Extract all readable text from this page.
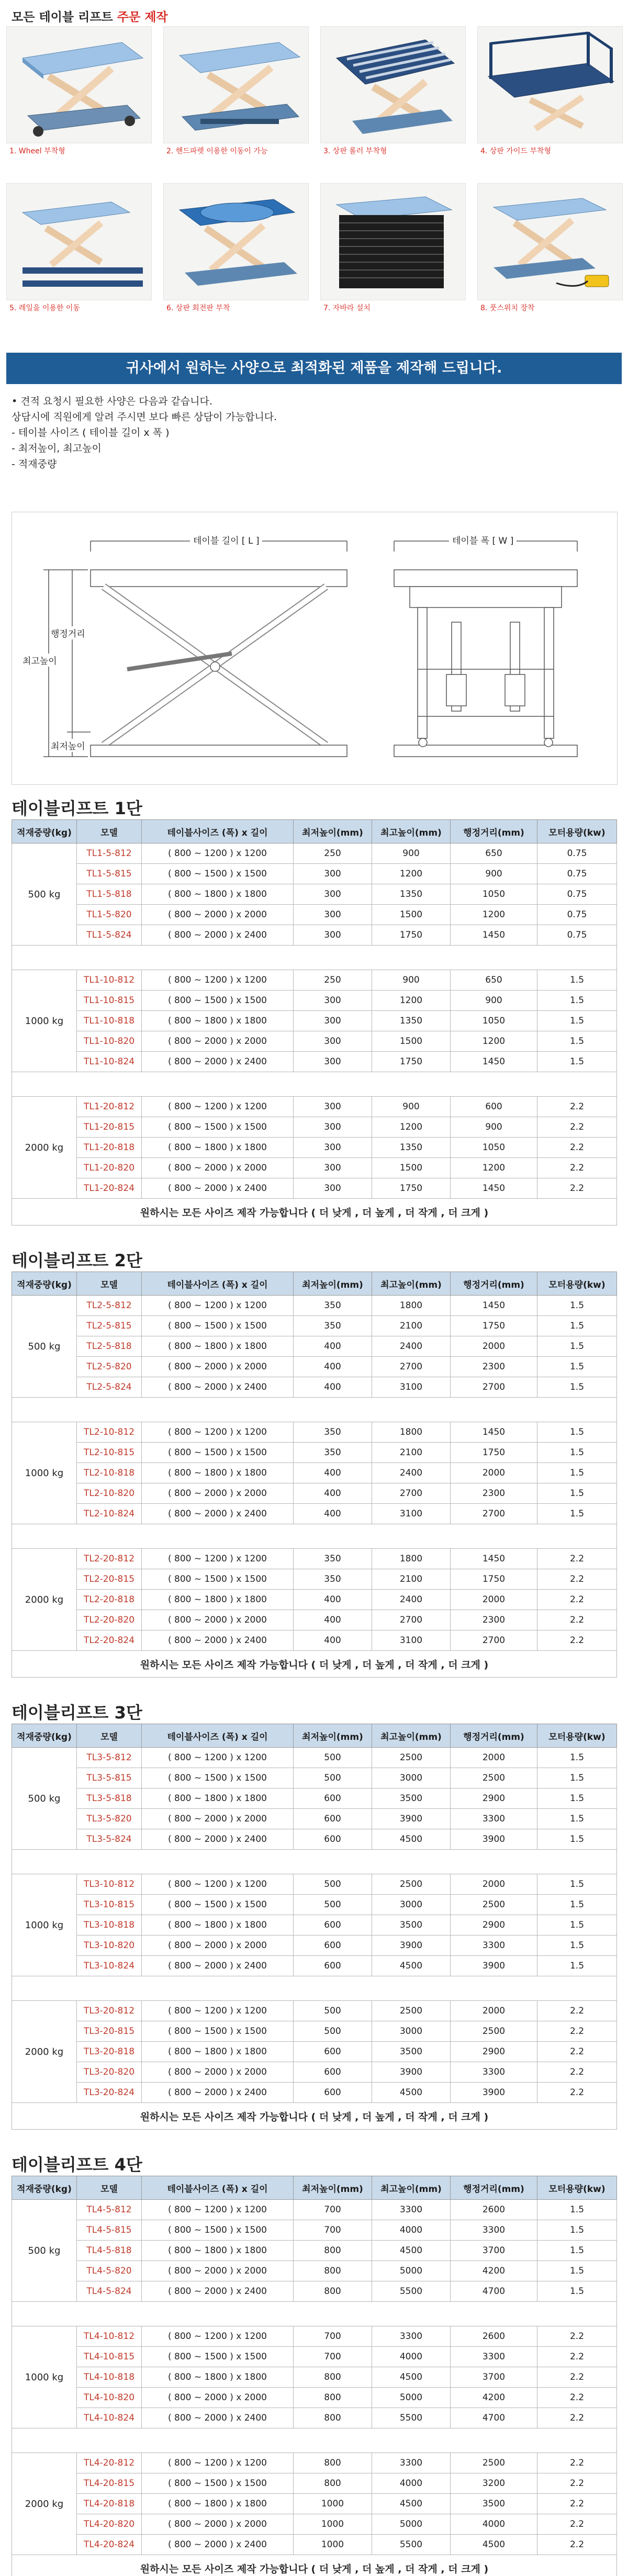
모든 테이블 리프트 주문 제작
1. Wheel 부착형	2. 핸드파렛 이용한 이동이 가능	3. 상판 롤러 부착형	4. 상판 가이드 부착형
5. 레일을 이용한 이동	6. 상판 회전판 부착	7. 자바라 설치	8. 풋스위치 장착
귀사에서 원하는 사양으로 최적화된 제품을 제작해 드립니다.
• 견적 요청시 필요한 사양은 다음과 같습니다.
상담시에 직원에게 알려 주시면 보다 빠른 상담이 가능합니다.
- 테이블 사이즈 ( 테이블 길이 x 폭 )
- 최저높이, 최고높이
- 적재중량
테이블 길이 [ L ]	테이블 폭 [ W ]
행정거리
최고높이
최저높이
테이블리프트 1단
테이블리프트 2단
테이블리프트 3단
테이블리프트 4단
적재중량(kg)	모델	테이블사이즈 (폭) x 길이	최저높이(mm)	최고높이(mm)	행정거리(mm)	모터용량(kw)
500 kg	TL1-5-812	( 800 ~ 1200 ) x 1200	250	900	650	0.75
	TL1-5-815	( 800 ~ 1500 ) x 1500	300	1200	900	0.75
	TL1-5-818	( 800 ~ 1800 ) x 1800	300	1350	1050	0.75
	TL1-5-820	( 800 ~ 2000 ) x 2000	300	1500	1200	0.75
	TL1-5-824	( 800 ~ 2000 ) x 2400	300	1750	1450	0.75

1000 kg	TL1-10-812	( 800 ~ 1200 ) x 1200	250	900	650	1.5
	TL1-10-815	( 800 ~ 1500 ) x 1500	300	1200	900	1.5
	TL1-10-818	( 800 ~ 1800 ) x 1800	300	1350	1050	1.5
	TL1-10-820	( 800 ~ 2000 ) x 2000	300	1500	1200	1.5
	TL1-10-824	( 800 ~ 2000 ) x 2400	300	1750	1450	1.5

2000 kg	TL1-20-812	( 800 ~ 1200 ) x 1200	300	900	600	2.2
	TL1-20-815	( 800 ~ 1500 ) x 1500	300	1200	900	2.2
	TL1-20-818	( 800 ~ 1800 ) x 1800	300	1350	1050	2.2
	TL1-20-820	( 800 ~ 2000 ) x 2000	300	1500	1200	2.2
	TL1-20-824	( 800 ~ 2000 ) x 2400	300	1750	1450	2.2
원하시는 모든 사이즈 제작 가능합니다 ( 더 낮게 , 더 높게 , 더 작게 , 더 크게 )						
적재중량(kg)	모델	테이블사이즈 (폭) x 길이	최저높이(mm)	최고높이(mm)	행정거리(mm)	모터용량(kw)
500 kg	TL2-5-812	( 800 ~ 1200 ) x 1200	350	1800	1450	1.5
	TL2-5-815	( 800 ~ 1500 ) x 1500	350	2100	1750	1.5
	TL2-5-818	( 800 ~ 1800 ) x 1800	400	2400	2000	1.5
	TL2-5-820	( 800 ~ 2000 ) x 2000	400	2700	2300	1.5
	TL2-5-824	( 800 ~ 2000 ) x 2400	400	3100	2700	1.5

1000 kg	TL2-10-812	( 800 ~ 1200 ) x 1200	350	1800	1450	1.5
	TL2-10-815	( 800 ~ 1500 ) x 1500	350	2100	1750	1.5
	TL2-10-818	( 800 ~ 1800 ) x 1800	400	2400	2000	1.5
	TL2-10-820	( 800 ~ 2000 ) x 2000	400	2700	2300	1.5
	TL2-10-824	( 800 ~ 2000 ) x 2400	400	3100	2700	1.5

2000 kg	TL2-20-812	( 800 ~ 1200 ) x 1200	350	1800	1450	2.2
	TL2-20-815	( 800 ~ 1500 ) x 1500	350	2100	1750	2.2
	TL2-20-818	( 800 ~ 1800 ) x 1800	400	2400	2000	2.2
	TL2-20-820	( 800 ~ 2000 ) x 2000	400	2700	2300	2.2
	TL2-20-824	( 800 ~ 2000 ) x 2400	400	3100	2700	2.2
원하시는 모든 사이즈 제작 가능합니다 ( 더 낮게 , 더 높게 , 더 작게 , 더 크게 )						
적재중량(kg)	모델	테이블사이즈 (폭) x 길이	최저높이(mm)	최고높이(mm)	행정거리(mm)	모터용량(kw)
500 kg	TL3-5-812	( 800 ~ 1200 ) x 1200	500	2500	2000	1.5
	TL3-5-815	( 800 ~ 1500 ) x 1500	500	3000	2500	1.5
	TL3-5-818	( 800 ~ 1800 ) x 1800	600	3500	2900	1.5
	TL3-5-820	( 800 ~ 2000 ) x 2000	600	3900	3300	1.5
	TL3-5-824	( 800 ~ 2000 ) x 2400	600	4500	3900	1.5

1000 kg	TL3-10-812	( 800 ~ 1200 ) x 1200	500	2500	2000	1.5
	TL3-10-815	( 800 ~ 1500 ) x 1500	500	3000	2500	1.5
	TL3-10-818	( 800 ~ 1800 ) x 1800	600	3500	2900	1.5
	TL3-10-820	( 800 ~ 2000 ) x 2000	600	3900	3300	1.5
	TL3-10-824	( 800 ~ 2000 ) x 2400	600	4500	3900	1.5

2000 kg	TL3-20-812	( 800 ~ 1200 ) x 1200	500	2500	2000	2.2
	TL3-20-815	( 800 ~ 1500 ) x 1500	500	3000	2500	2.2
	TL3-20-818	( 800 ~ 1800 ) x 1800	600	3500	2900	2.2
	TL3-20-820	( 800 ~ 2000 ) x 2000	600	3900	3300	2.2
	TL3-20-824	( 800 ~ 2000 ) x 2400	600	4500	3900	2.2
원하시는 모든 사이즈 제작 가능합니다 ( 더 낮게 , 더 높게 , 더 작게 , 더 크게 )						
적재중량(kg)	모델	테이블사이즈 (폭) x 길이	최저높이(mm)	최고높이(mm)	행정거리(mm)	모터용량(kw)
500 kg	TL4-5-812	( 800 ~ 1200 ) x 1200	700	3300	2600	1.5
	TL4-5-815	( 800 ~ 1500 ) x 1500	700	4000	3300	1.5
	TL4-5-818	( 800 ~ 1800 ) x 1800	800	4500	3700	1.5
	TL4-5-820	( 800 ~ 2000 ) x 2000	800	5000	4200	1.5
	TL4-5-824	( 800 ~ 2000 ) x 2400	800	5500	4700	1.5

1000 kg	TL4-10-812	( 800 ~ 1200 ) x 1200	700	3300	2600	2.2
	TL4-10-815	( 800 ~ 1500 ) x 1500	700	4000	3300	2.2
	TL4-10-818	( 800 ~ 1800 ) x 1800	800	4500	3700	2.2
	TL4-10-820	( 800 ~ 2000 ) x 2000	800	5000	4200	2.2
	TL4-10-824	( 800 ~ 2000 ) x 2400	800	5500	4700	2.2

2000 kg	TL4-20-812	( 800 ~ 1200 ) x 1200	800	3300	2500	2.2
	TL4-20-815	( 800 ~ 1500 ) x 1500	800	4000	3200	2.2
	TL4-20-818	( 800 ~ 1800 ) x 1800	1000	4500	3500	2.2
	TL4-20-820	( 800 ~ 2000 ) x 2000	1000	5000	4000	2.2
	TL4-20-824	( 800 ~ 2000 ) x 2400	1000	5500	4500	2.2
원하시는 모든 사이즈 제작 가능합니다 ( 더 낮게 , 더 높게 , 더 작게 , 더 크게 )						
